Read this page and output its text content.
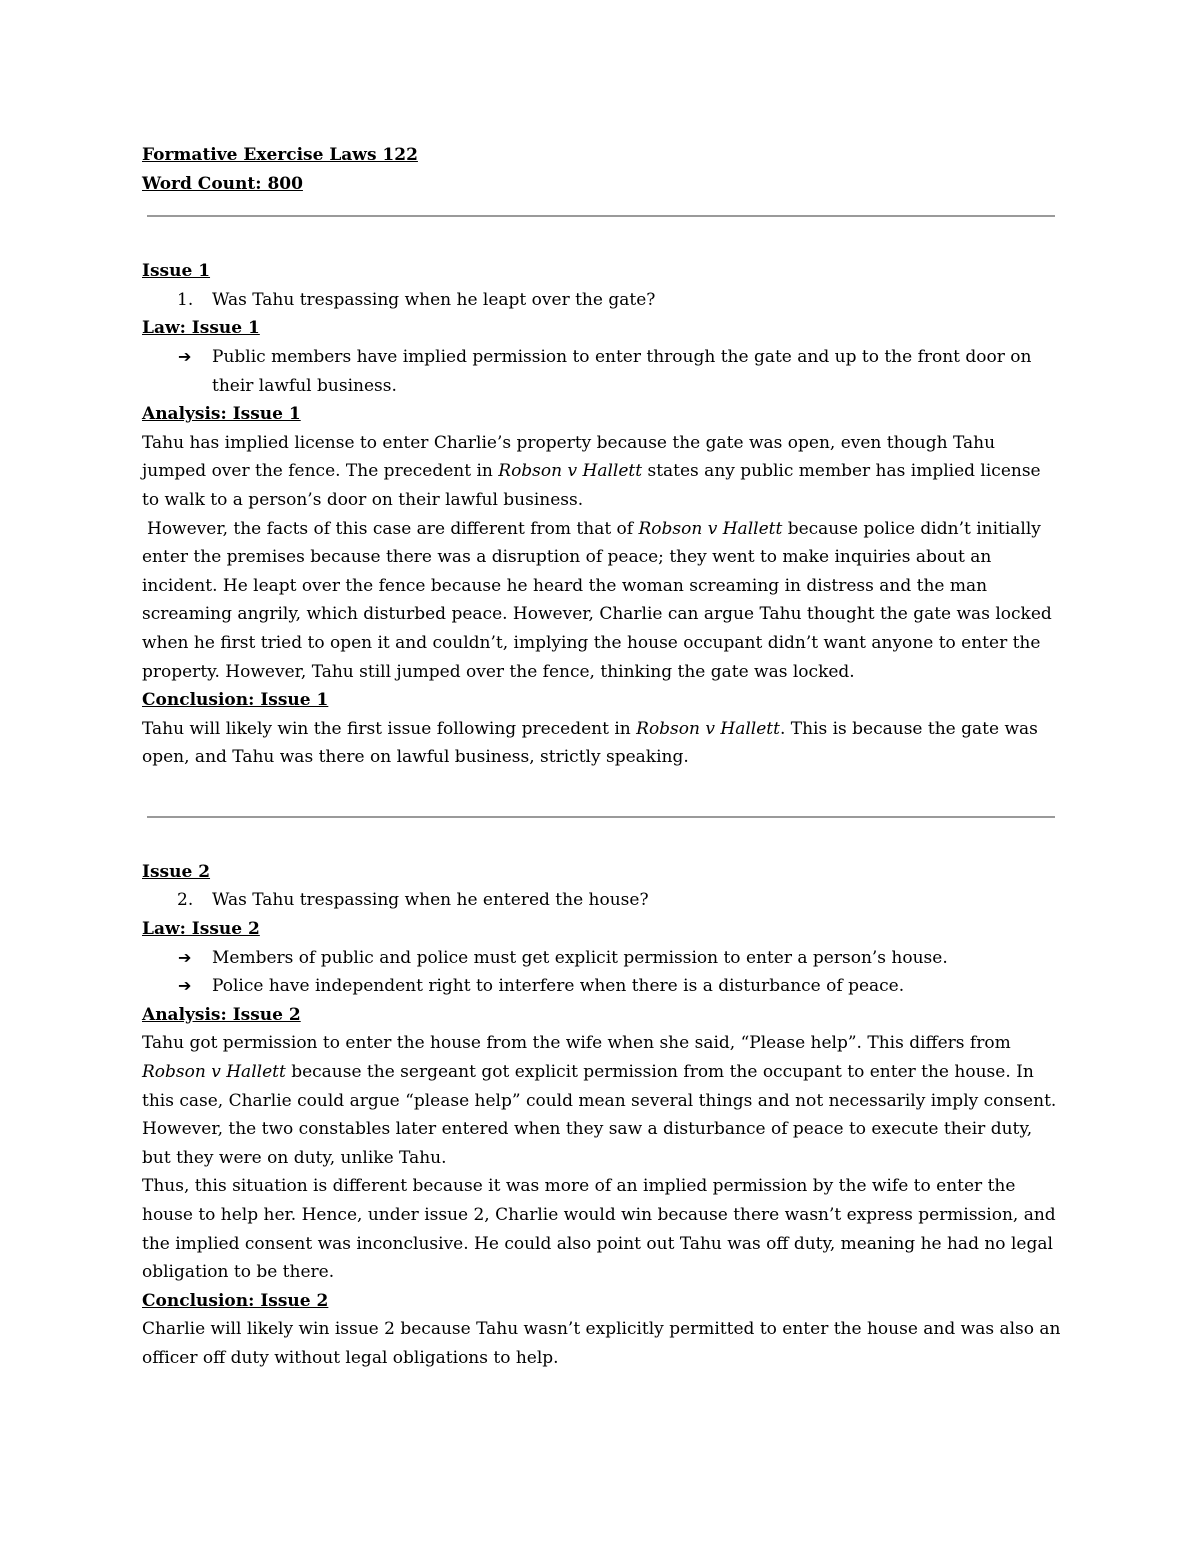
Formative Exercise Laws 122
Word Count: 800
Issue 1
1. Was Tahu trespassing when he leapt over the gate?
Law: Issue 1
➔ Public members have implied permission to enter through the gate and up to the front door on their lawful business.
Analysis: Issue 1

Tahu has implied license to enter Charlie’s property because the gate was open, even though Tahu jumped over the fence. The precedent in Robson v Hallett states any public member has implied license to walk to a person’s door on their lawful business.

However, the facts of this case are different from that of Robson v Hallett because police didn’t initially enter the premises because there was a disruption of peace; they went to make inquiries about an incident. He leapt over the fence because he heard the woman screaming in distress and the man screaming angrily, which disturbed peace. However, Charlie can argue Tahu thought the gate was locked when he first tried to open it and couldn’t, implying the house occupant didn’t want anyone to enter the property. However, Tahu still jumped over the fence, thinking the gate was locked.

Conclusion: Issue 1

Tahu will likely win the first issue following precedent in Robson v Hallett. This is because the gate was open, and Tahu was there on lawful business, strictly speaking.

Issue 2
2. Was Tahu trespassing when he entered the house?
Law: Issue 2
➔ Members of public and police must get explicit permission to enter a person’s house.
➔ Police have independent right to interfere when there is a disturbance of peace.
Analysis: Issue 2

Tahu got permission to enter the house from the wife when she said, “Please help”. This differs from Robson v Hallett because the sergeant got explicit permission from the occupant to enter the house. In this case, Charlie could argue “please help” could mean several things and not necessarily imply consent. However, the two constables later entered when they saw a disturbance of peace to execute their duty, but they were on duty, unlike Tahu.

Thus, this situation is different because it was more of an implied permission by the wife to enter the house to help her. Hence, under issue 2, Charlie would win because there wasn’t express permission, and the implied consent was inconclusive. He could also point out Tahu was off duty, meaning he had no legal obligation to be there.

Conclusion: Issue 2

Charlie will likely win issue 2 because Tahu wasn’t explicitly permitted to enter the house and was also an officer off duty without legal obligations to help.
